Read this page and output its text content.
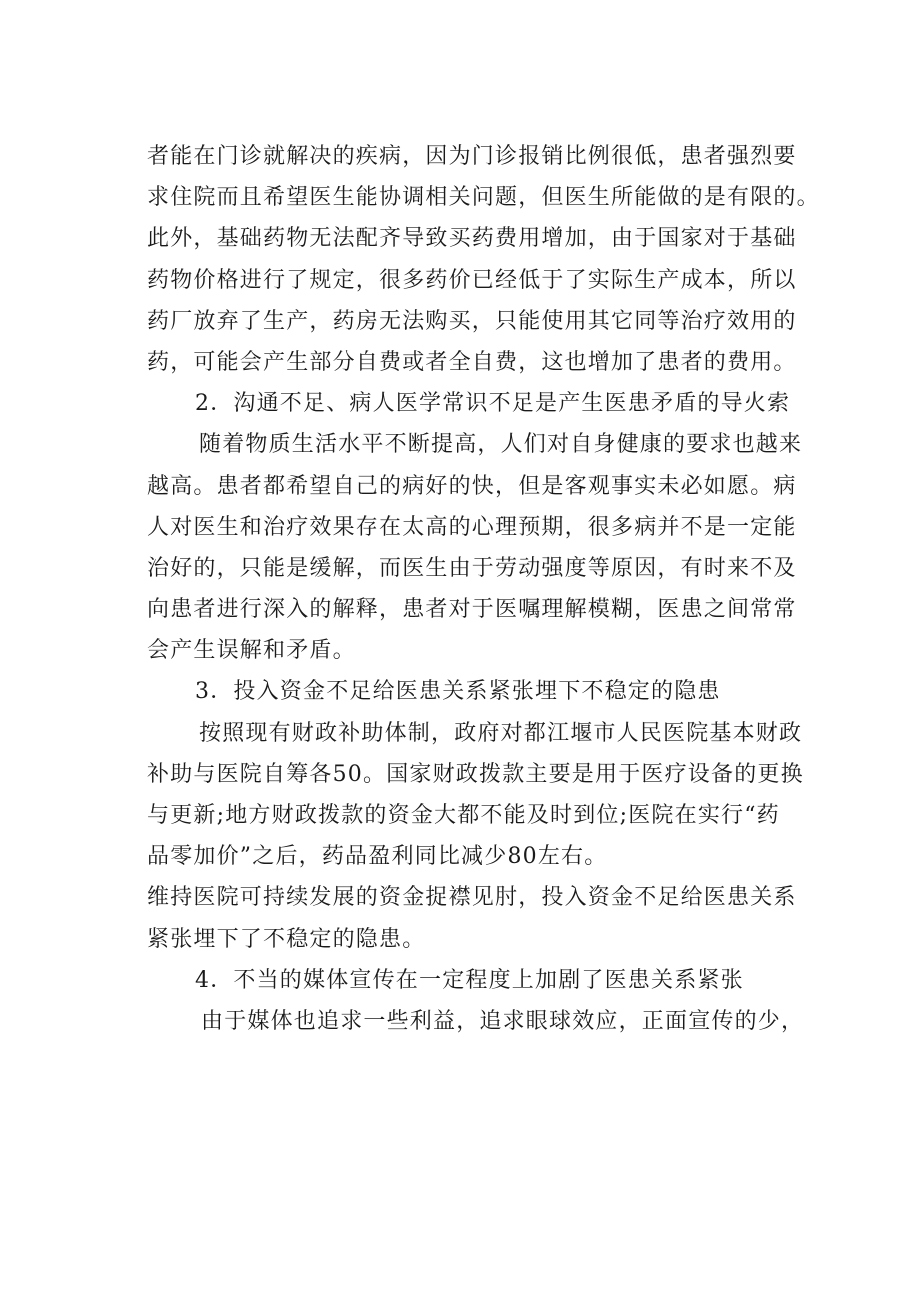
者能在门诊就解决的疾病，因为门诊报销比例很低，患者强烈要
求住院而且希望医生能协调相关问题，但医生所能做的是有限的。
此外，基础药物无法配齐导致买药费用增加，由于国家对于基础
药物价格进行了规定，很多药价已经低于了实际生产成本，所以
药厂放弃了生产，药房无法购买，只能使用其它同等治疗效用的
药，可能会产生部分自费或者全自费，这也增加了患者的费用。
2．沟通不足、病人医学常识不足是产生医患矛盾的导火索
随着物质生活水平不断提高，人们对自身健康的要求也越来
越高。患者都希望自己的病好的快，但是客观事实未必如愿。病
人对医生和治疗效果存在太高的心理预期，很多病并不是一定能
治好的，只能是缓解，而医生由于劳动强度等原因，有时来不及
向患者进行深入的解释，患者对于医嘱理解模糊，医患之间常常
会产生误解和矛盾。
3．投入资金不足给医患关系紧张埋下不稳定的隐患
按照现有财政补助体制，政府对都江堰市人民医院基本财政
补助与医院自筹各50。国家财政拨款主要是用于医疗设备的更换
与更新;地方财政拨款的资金大都不能及时到位;医院在实行“药
品零加价”之后，药品盈利同比减少80左右。
维持医院可持续发展的资金捉襟见肘，投入资金不足给医患关系
紧张埋下了不稳定的隐患。
4．不当的媒体宣传在一定程度上加剧了医患关系紧张
由于媒体也追求一些利益，追求眼球效应，正面宣传的少，
